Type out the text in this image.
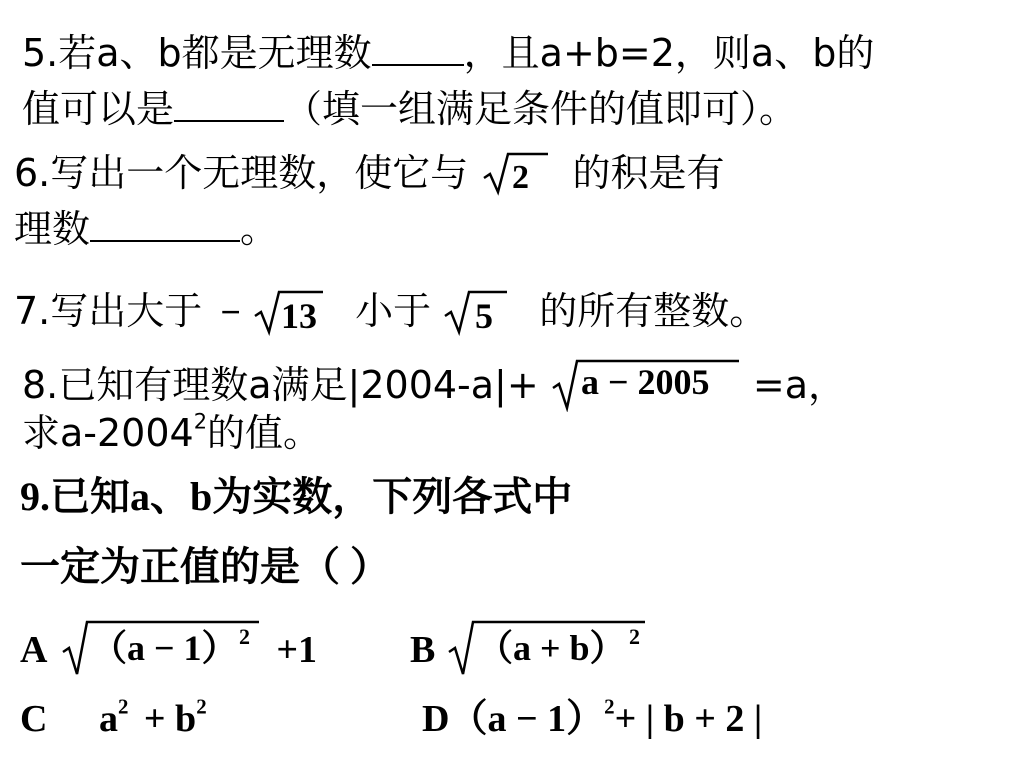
5.若a、b都是无理数 ，且a+b=2，则a、b的
值可以是	（填一组满足条件的值即可）。
6.写出一个无理数，使它与 2 的积是有
理数	。
7.写出大于 − 13 小于 5 的所有整数。
8.已知有理数a满足|2004-a|+ a − 2005 =a，
求a-2004$^2$的值。
9.已知a、b为实数，下列各式中
一定为正值的是（ ）
A （a − 1） 2 +1 B （a + b） 2
C $a^2 + b^2$	$D(a - 1)^2+$ | b + 2 |
